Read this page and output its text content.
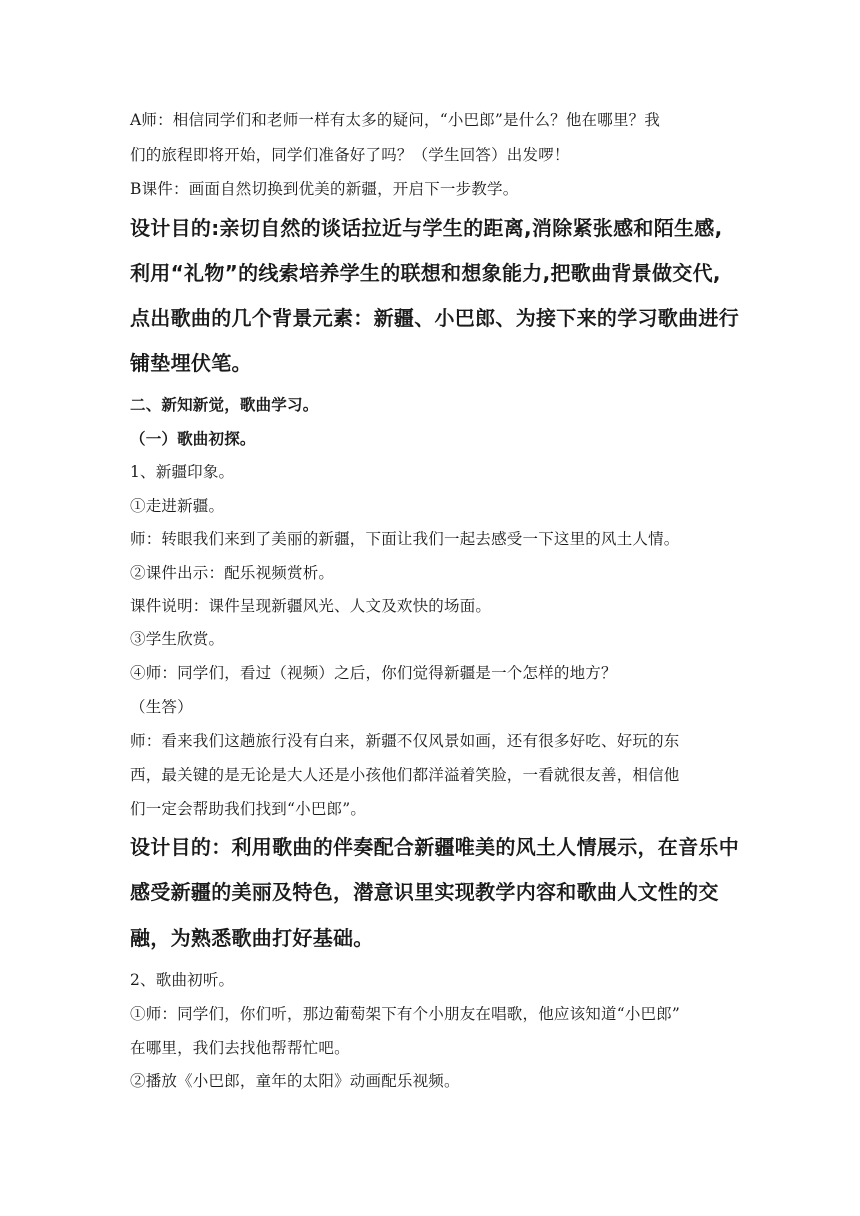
A师：相信同学们和老师一样有太多的疑问，“小巴郎”是什么？他在哪里？我
们的旅程即将开始，同学们准备好了吗？（学生回答）出发啰！
B课件：画面自然切换到优美的新疆，开启下一步教学。
设计目的:亲切自然的谈话拉近与学生的距离,消除紧张感和陌生感,
利用“礼物”的线索培养学生的联想和想象能力,把歌曲背景做交代,
点出歌曲的几个背景元素：新疆、小巴郎、为接下来的学习歌曲进行
铺垫埋伏笔。
二、新知新觉，歌曲学习。
（一）歌曲初探。
1、新疆印象。
①走进新疆。
师：转眼我们来到了美丽的新疆，下面让我们一起去感受一下这里的风土人情。
②课件出示：配乐视频赏析。
课件说明：课件呈现新疆风光、人文及欢快的场面。
③学生欣赏。
④师：同学们，看过（视频）之后，你们觉得新疆是一个怎样的地方？
（生答）
师：看来我们这趟旅行没有白来，新疆不仅风景如画，还有很多好吃、好玩的东
西，最关键的是无论是大人还是小孩他们都洋溢着笑脸，一看就很友善，相信他
们一定会帮助我们找到“小巴郎”。
设计目的：利用歌曲的伴奏配合新疆唯美的风土人情展示，在音乐中
感受新疆的美丽及特色，潜意识里实现教学内容和歌曲人文性的交
融，为熟悉歌曲打好基础。
2、歌曲初听。
①师：同学们，你们听，那边葡萄架下有个小朋友在唱歌，他应该知道“小巴郎”
在哪里，我们去找他帮帮忙吧。
②播放《小巴郎，童年的太阳》动画配乐视频。
